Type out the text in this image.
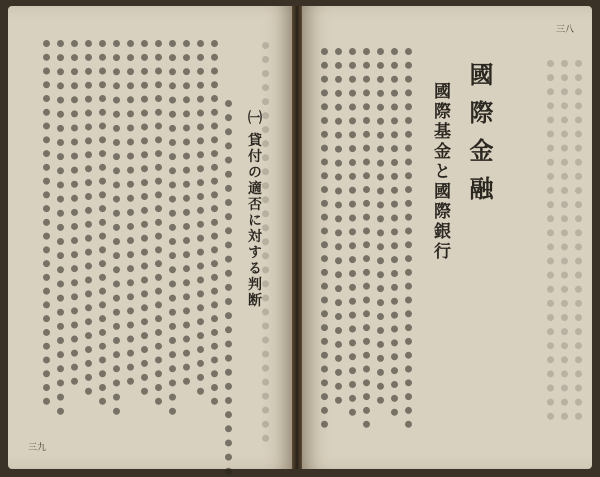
國際金融
國際基金と國際銀行
㈠ 貸付の適否に対する判断
三八
三九
